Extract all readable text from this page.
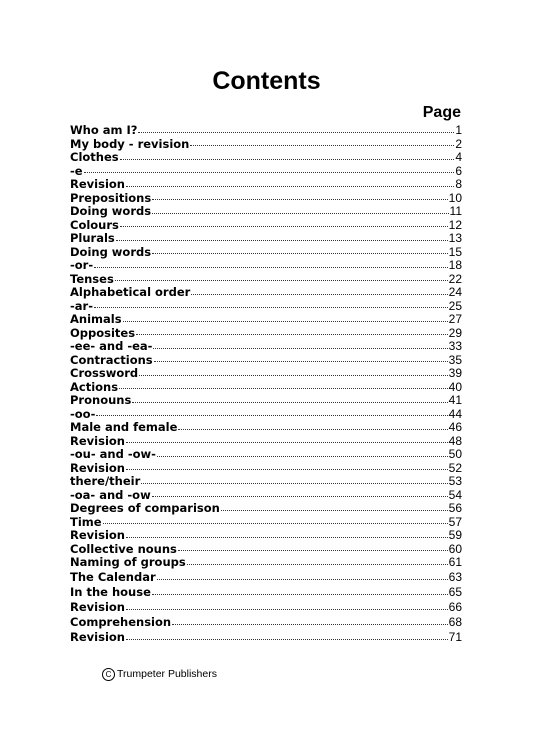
Contents
Page
Who am I?	1
My body - revision	2
Clothes	4
-e	6
Revision	8
Prepositions	10
Doing words	11
Colours	12
Plurals	13
Doing words	15
-or-	18
Tenses	22
Alphabetical order	24
-ar-	25
Animals	27
Opposites	29
-ee- and -ea-	33
Contractions	35
Crossword	39
Actions	40
Pronouns	41
-oo-	44
Male and female	46
Revision	48
-ou- and -ow-	50
Revision	52
there/their	53
-oa- and -ow	54
Degrees of comparison	56
Time	57
Revision	59
Collective nouns	60
Naming of groups	61
The Calendar	63
In the house	65
Revision	66
Comprehension	68
Revision	71
C Trumpeter Publishers
